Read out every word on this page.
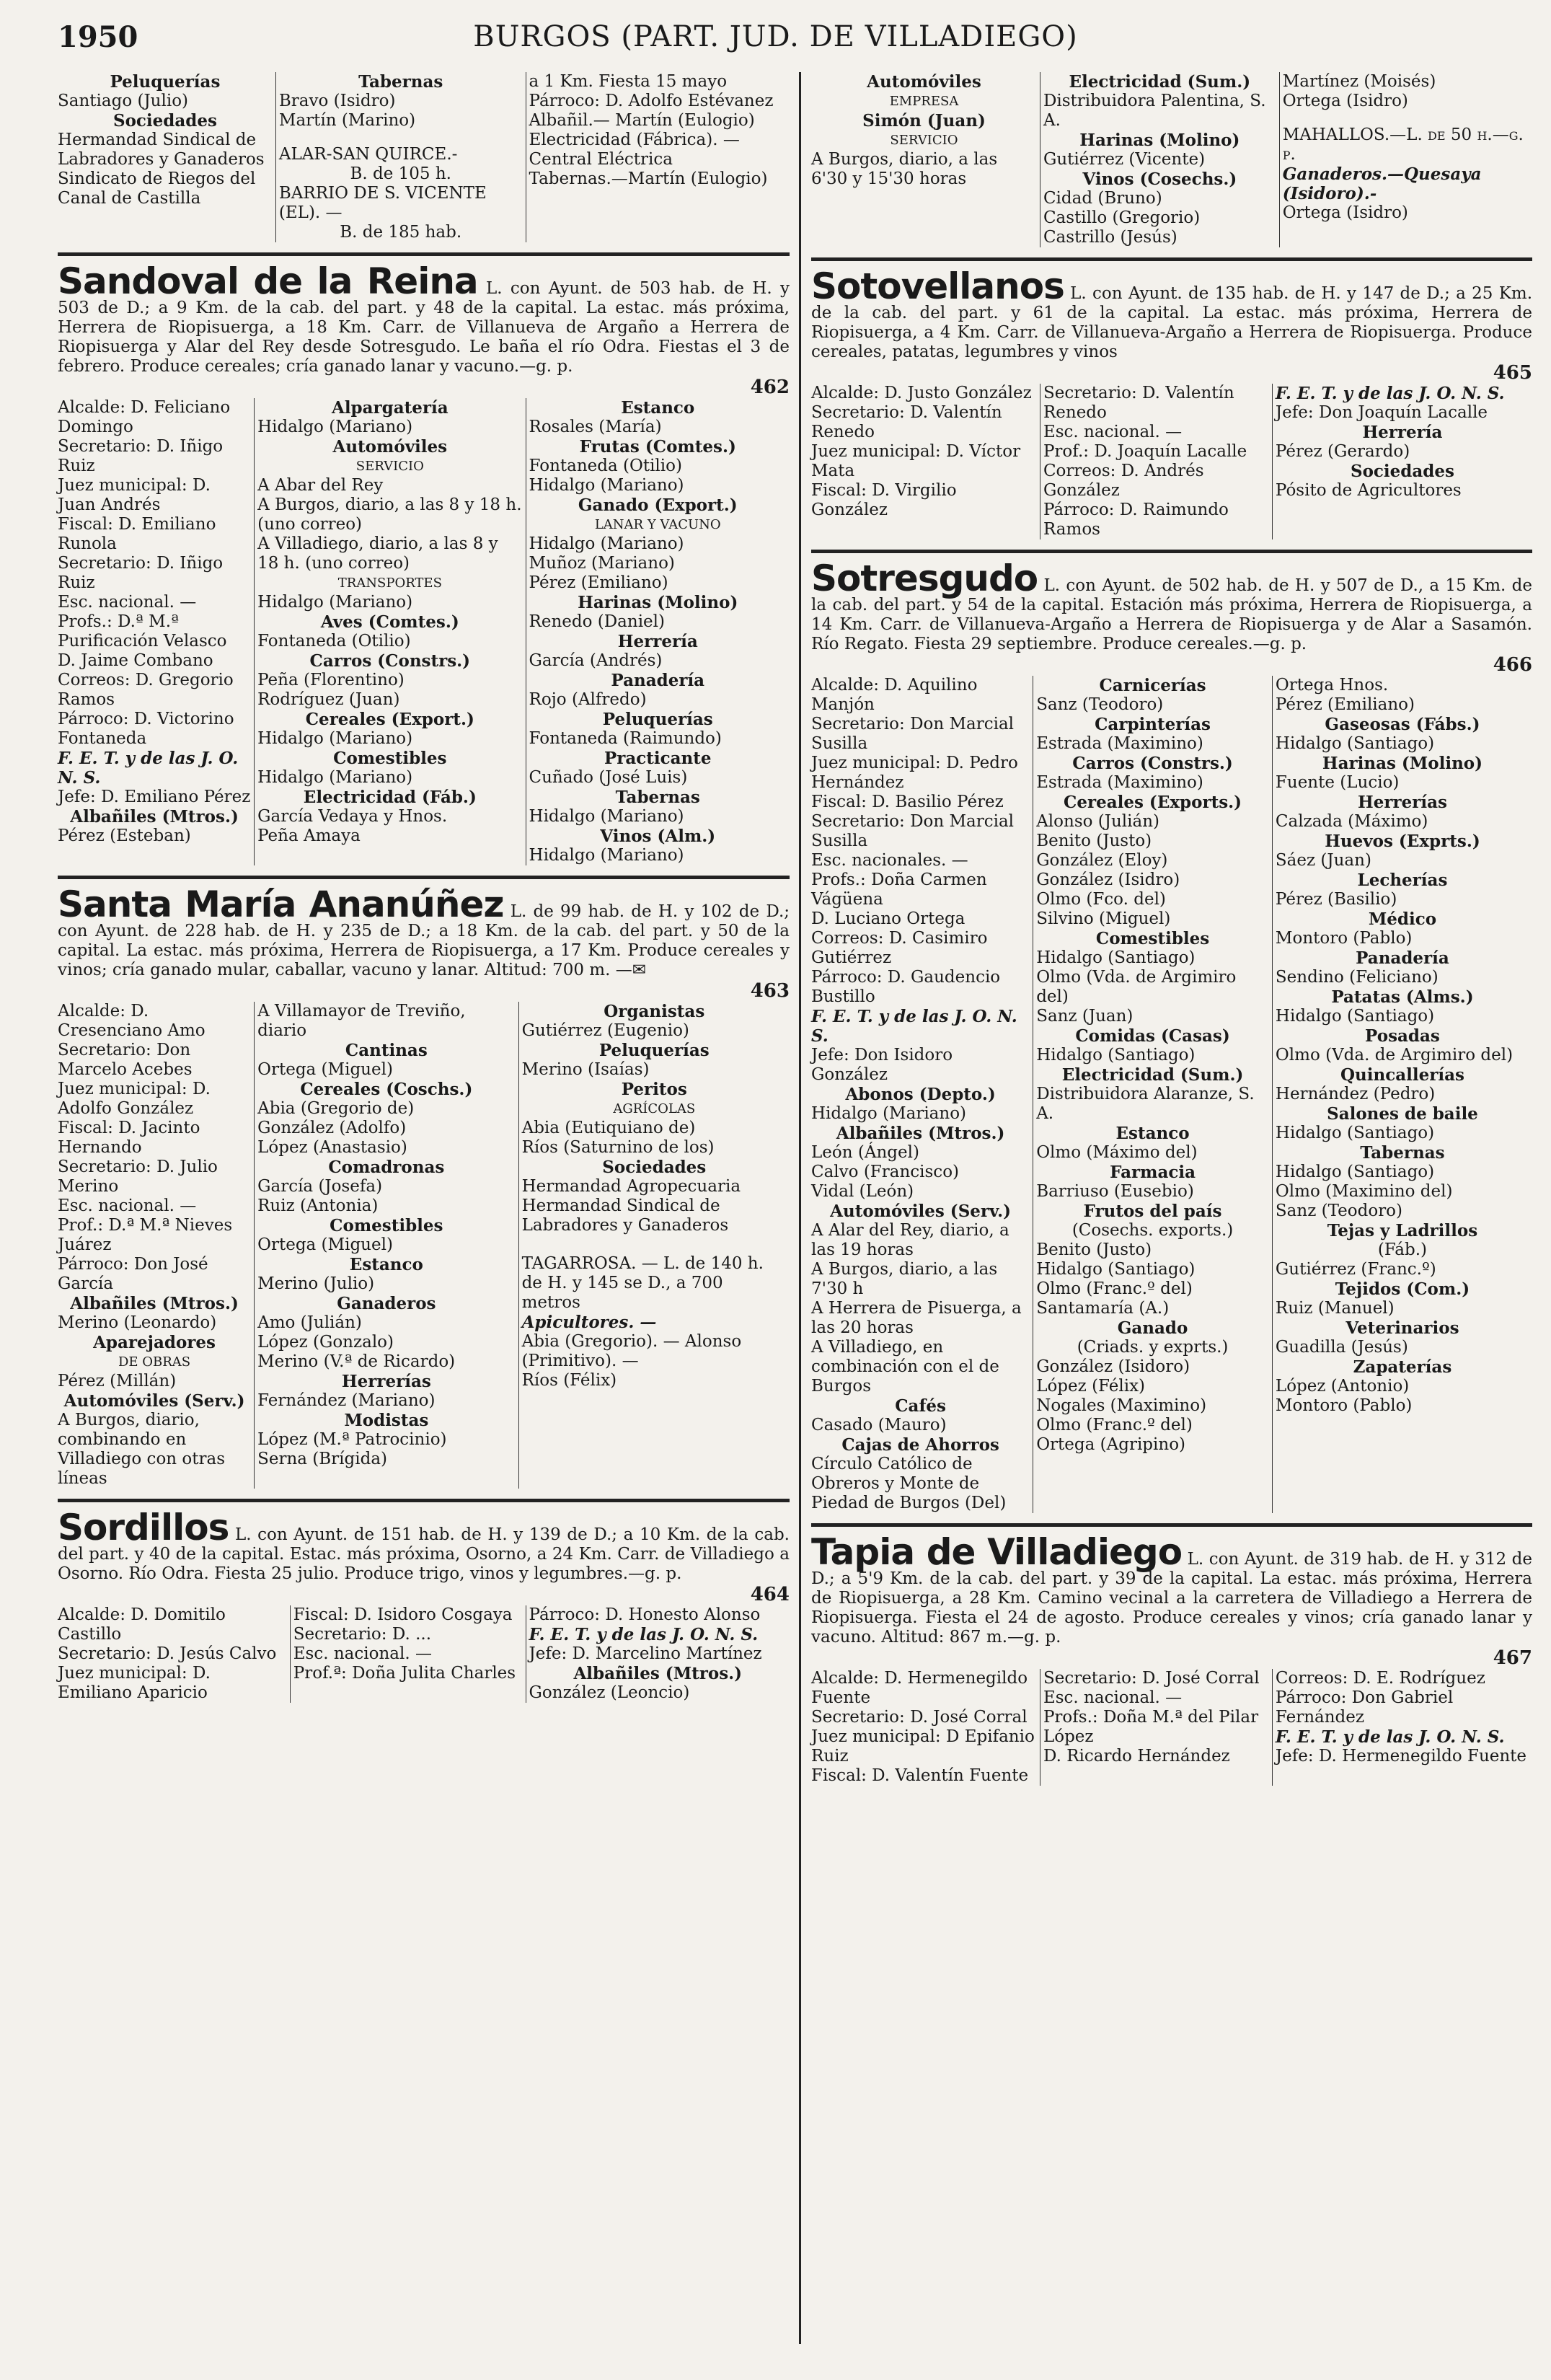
1950	BURGOS (PART. JUD. DE VILLADIEGO)
Peluquerías
Santiago (Julio)
Sociedades
Hermandad Sindical de Labradores y Ganaderos
Sindicato de Riegos del Canal de Castilla
Tabernas
Bravo (Isidro)
Martín (Marino)
ALAR-SAN QUIRCE.-
B. de 105 h.
BARRIO DE S. VICENTE (EL). —
B. de 185 hab.
a 1 Km. Fiesta 15 mayo
Párroco: D. Adolfo Estévanez
Albañil.— Martín (Eulogio)
Electricidad (Fábrica). — Central Eléctrica
Tabernas.—Martín (Eulogio)
Sandoval de la Reina L. con Ayunt. de 503 hab. de H. y 503 de D.; a 9 Km. de la cab. del part. y 48 de la capital. La estac. más próxima, Herrera de Riopisuerga, a 18 Km. Carr. de Villanueva de Argaño a Herrera de Riopisuerga y Alar del Rey desde Sotresgudo. Le baña el río Odra. Fiestas el 3 de febrero. Produce cereales; cría ganado lanar y vacuno.—g. p.
462
Alcalde: D. Feliciano Domingo
Secretario: D. Iñigo Ruiz
Juez municipal: D. Juan Andrés
Fiscal: D. Emiliano Runola
Secretario: D. Iñigo Ruiz
Esc. nacional. —
Profs.: D.ª M.ª Purificación Velasco
D. Jaime Combano
Correos: D. Gregorio Ramos
Párroco: D. Victorino Fontaneda
F. E. T. y de las J. O. N. S.
Jefe: D. Emiliano Pérez
Albañiles (Mtros.)
Pérez (Esteban)
Alpargatería
Hidalgo (Mariano)
Automóviles
SERVICIO
A Abar del Rey
A Burgos, diario, a las 8 y 18 h. (uno correo)
A Villadiego, diario, a las 8 y 18 h. (uno correo)
TRANSPORTES
Hidalgo (Mariano)
Aves (Comtes.)
Fontaneda (Otilio)
Carros (Constrs.)
Peña (Florentino)
Rodríguez (Juan)
Cereales (Export.)
Hidalgo (Mariano)
Comestibles
Hidalgo (Mariano)
Electricidad (Fáb.)
García Vedaya y Hnos.
Peña Amaya
Estanco
Rosales (María)
Frutas (Comtes.)
Fontaneda (Otilio)
Hidalgo (Mariano)
Ganado (Export.)
LANAR Y VACUNO
Hidalgo (Mariano)
Muñoz (Mariano)
Pérez (Emiliano)
Harinas (Molino)
Renedo (Daniel)
Herrería
García (Andrés)
Panadería
Rojo (Alfredo)
Peluquerías
Fontaneda (Raimundo)
Practicante
Cuñado (José Luis)
Tabernas
Hidalgo (Mariano)
Vinos (Alm.)
Hidalgo (Mariano)
Santa María Ananúñez L. de 99 hab. de H. y 102 de D.; con Ayunt. de 228 hab. de H. y 235 de D.; a 18 Km. de la cab. del part. y 50 de la capital. La estac. más próxima, Herrera de Riopisuerga, a 17 Km. Produce cereales y vinos; cría ganado mular, caballar, vacuno y lanar. Altitud: 700 m. —✉
463
Alcalde: D. Cresenciano Amo
Secretario: Don Marcelo Acebes
Juez municipal: D. Adolfo González
Fiscal: D. Jacinto Hernando
Secretario: D. Julio Merino
Esc. nacional. —
Prof.: D.ª M.ª Nieves Juárez
Párroco: Don José García
Albañiles (Mtros.)
Merino (Leonardo)
Aparejadores
DE OBRAS
Pérez (Millán)
Automóviles (Serv.)
A Burgos, diario, combinando en Villadiego con otras líneas
A Villamayor de Treviño, diario
Cantinas
Ortega (Miguel)
Cereales (Coschs.)
Abia (Gregorio de)
González (Adolfo)
López (Anastasio)
Comadronas
García (Josefa)
Ruiz (Antonia)
Comestibles
Ortega (Miguel)
Estanco
Merino (Julio)
Ganaderos
Amo (Julián)
López (Gonzalo)
Merino (V.ª de Ricardo)
Herrerías
Fernández (Mariano)
Modistas
López (M.ª Patrocinio)
Serna (Brígida)
Organistas
Gutiérrez (Eugenio)
Peluquerías
Merino (Isaías)
Peritos
AGRÍCOLAS
Abia (Eutiquiano de)
Ríos (Saturnino de los)
Sociedades
Hermandad Agropecuaria
Hermandad Sindical de Labradores y Ganaderos
TAGARROSA. — L. de 140 h. de H. y 145 se D., a 700 metros
Apicultores. —
Abia (Gregorio). — Alonso (Primitivo). —
Ríos (Félix)
Sordillos L. con Ayunt. de 151 hab. de H. y 139 de D.; a 10 Km. de la cab. del part. y 40 de la capital. Estac. más próxima, Osorno, a 24 Km. Carr. de Villadiego a Osorno. Río Odra. Fiesta 25 julio. Produce trigo, vinos y legumbres.—g. p.
464
Alcalde: D. Domitilo Castillo
Secretario: D. Jesús Calvo
Juez municipal: D. Emiliano Aparicio
Fiscal: D. Isidoro Cosgaya
Secretario: D. ...
Esc. nacional. —
Prof.ª: Doña Julita Charles
Párroco: D. Honesto Alonso
F. E. T. y de las J. O. N. S.
Jefe: D. Marcelino Martínez
Albañiles (Mtros.)
González (Leoncio)
Automóviles
EMPRESA
Simón (Juan)
SERVICIO
A Burgos, diario, a las 6'30 y 15'30 horas
Electricidad (Sum.)
Distribuidora Palentina, S. A.
Harinas (Molino)
Gutiérrez (Vicente)
Vinos (Cosechs.)
Cidad (Bruno)
Castillo (Gregorio)
Castrillo (Jesús)
Martínez (Moisés)
Ortega (Isidro)
MAHALLOS.—L. de 50 h.—g. p.
Ganaderos.—Quesaya (Isidoro).-
Ortega (Isidro)
Sotovellanos L. con Ayunt. de 135 hab. de H. y 147 de D.; a 25 Km. de la cab. del part. y 61 de la capital. La estac. más próxima, Herrera de Riopisuerga, a 4 Km. Carr. de Villanueva-Argaño a Herrera de Riopisuerga. Produce cereales, patatas, legumbres y vinos
465
Alcalde: D. Justo González
Secretario: D. Valentín Renedo
Juez municipal: D. Víctor Mata
Fiscal: D. Virgilio González
Secretario: D. Valentín Renedo
Esc. nacional. —
Prof.: D. Joaquín Lacalle
Correos: D. Andrés González
Párroco: D. Raimundo Ramos
F. E. T. y de las J. O. N. S.
Jefe: Don Joaquín Lacalle
Herrería
Pérez (Gerardo)
Sociedades
Pósito de Agricultores
Sotresgudo L. con Ayunt. de 502 hab. de H. y 507 de D., a 15 Km. de la cab. del part. y 54 de la capital. Estación más próxima, Herrera de Riopisuerga, a 14 Km. Carr. de Villanueva-Argaño a Herrera de Riopisuerga y de Alar a Sasamón. Río Regato. Fiesta 29 septiembre. Produce cereales.—g. p.
466
Alcalde: D. Aquilino Manjón
Secretario: Don Marcial Susilla
Juez municipal: D. Pedro Hernández
Fiscal: D. Basilio Pérez
Secretario: Don Marcial Susilla
Esc. nacionales. —
Profs.: Doña Carmen Vágüena
D. Luciano Ortega
Correos: D. Casimiro Gutiérrez
Párroco: D. Gaudencio Bustillo
F. E. T. y de las J. O. N. S.
Jefe: Don Isidoro González
Abonos (Depto.)
Hidalgo (Mariano)
Albañiles (Mtros.)
León (Ángel)
Calvo (Francisco)
Vidal (León)
Automóviles (Serv.)
A Alar del Rey, diario, a las 19 horas
A Burgos, diario, a las 7'30 h
A Herrera de Pisuerga, a las 20 horas
A Villadiego, en combinación con el de Burgos
Cafés
Casado (Mauro)
Cajas de Ahorros
Círculo Católico de Obreros y Monte de Piedad de Burgos (Del)
Carnicerías
Sanz (Teodoro)
Carpinterías
Estrada (Maximino)
Carros (Constrs.)
Estrada (Maximino)
Cereales (Exports.)
Alonso (Julián)
Benito (Justo)
González (Eloy)
González (Isidro)
Olmo (Fco. del)
Silvino (Miguel)
Comestibles
Hidalgo (Santiago)
Olmo (Vda. de Argimiro del)
Sanz (Juan)
Comidas (Casas)
Hidalgo (Santiago)
Electricidad (Sum.)
Distribuidora Alaranze, S. A.
Estanco
Olmo (Máximo del)
Farmacia
Barriuso (Eusebio)
Frutos del país
(Cosechs. exports.)
Benito (Justo)
Hidalgo (Santiago)
Olmo (Franc.º del)
Santamaría (A.)
Ganado
(Criads. y exprts.)
González (Isidoro)
López (Félix)
Nogales (Maximino)
Olmo (Franc.º del)
Ortega (Agripino)
Ortega Hnos.
Pérez (Emiliano)
Gaseosas (Fábs.)
Hidalgo (Santiago)
Harinas (Molino)
Fuente (Lucio)
Herrerías
Calzada (Máximo)
Huevos (Exprts.)
Sáez (Juan)
Lecherías
Pérez (Basilio)
Médico
Montoro (Pablo)
Panadería
Sendino (Feliciano)
Patatas (Alms.)
Hidalgo (Santiago)
Posadas
Olmo (Vda. de Argimiro del)
Quincallerías
Hernández (Pedro)
Salones de baile
Hidalgo (Santiago)
Tabernas
Hidalgo (Santiago)
Olmo (Maximino del)
Sanz (Teodoro)
Tejas y Ladrillos
(Fáb.)
Gutiérrez (Franc.º)
Tejidos (Com.)
Ruiz (Manuel)
Veterinarios
Guadilla (Jesús)
Zapaterías
López (Antonio)
Montoro (Pablo)
Tapia de Villadiego L. con Ayunt. de 319 hab. de H. y 312 de D.; a 5'9 Km. de la cab. del part. y 39 de la capital. La estac. más próxima, Herrera de Riopisuerga, a 28 Km. Camino vecinal a la carretera de Villadiego a Herrera de Riopisuerga. Fiesta el 24 de agosto. Produce cereales y vinos; cría ganado lanar y vacuno. Altitud: 867 m.—g. p.
467
Alcalde: D. Hermenegildo Fuente
Secretario: D. José Corral
Juez municipal: D Epifanio Ruiz
Fiscal: D. Valentín Fuente
Secretario: D. José Corral
Esc. nacional. —
Profs.: Doña M.ª del Pilar López
D. Ricardo Hernández
Correos: D. E. Rodríguez
Párroco: Don Gabriel Fernández
F. E. T. y de las J. O. N. S.
Jefe: D. Hermenegildo Fuente
